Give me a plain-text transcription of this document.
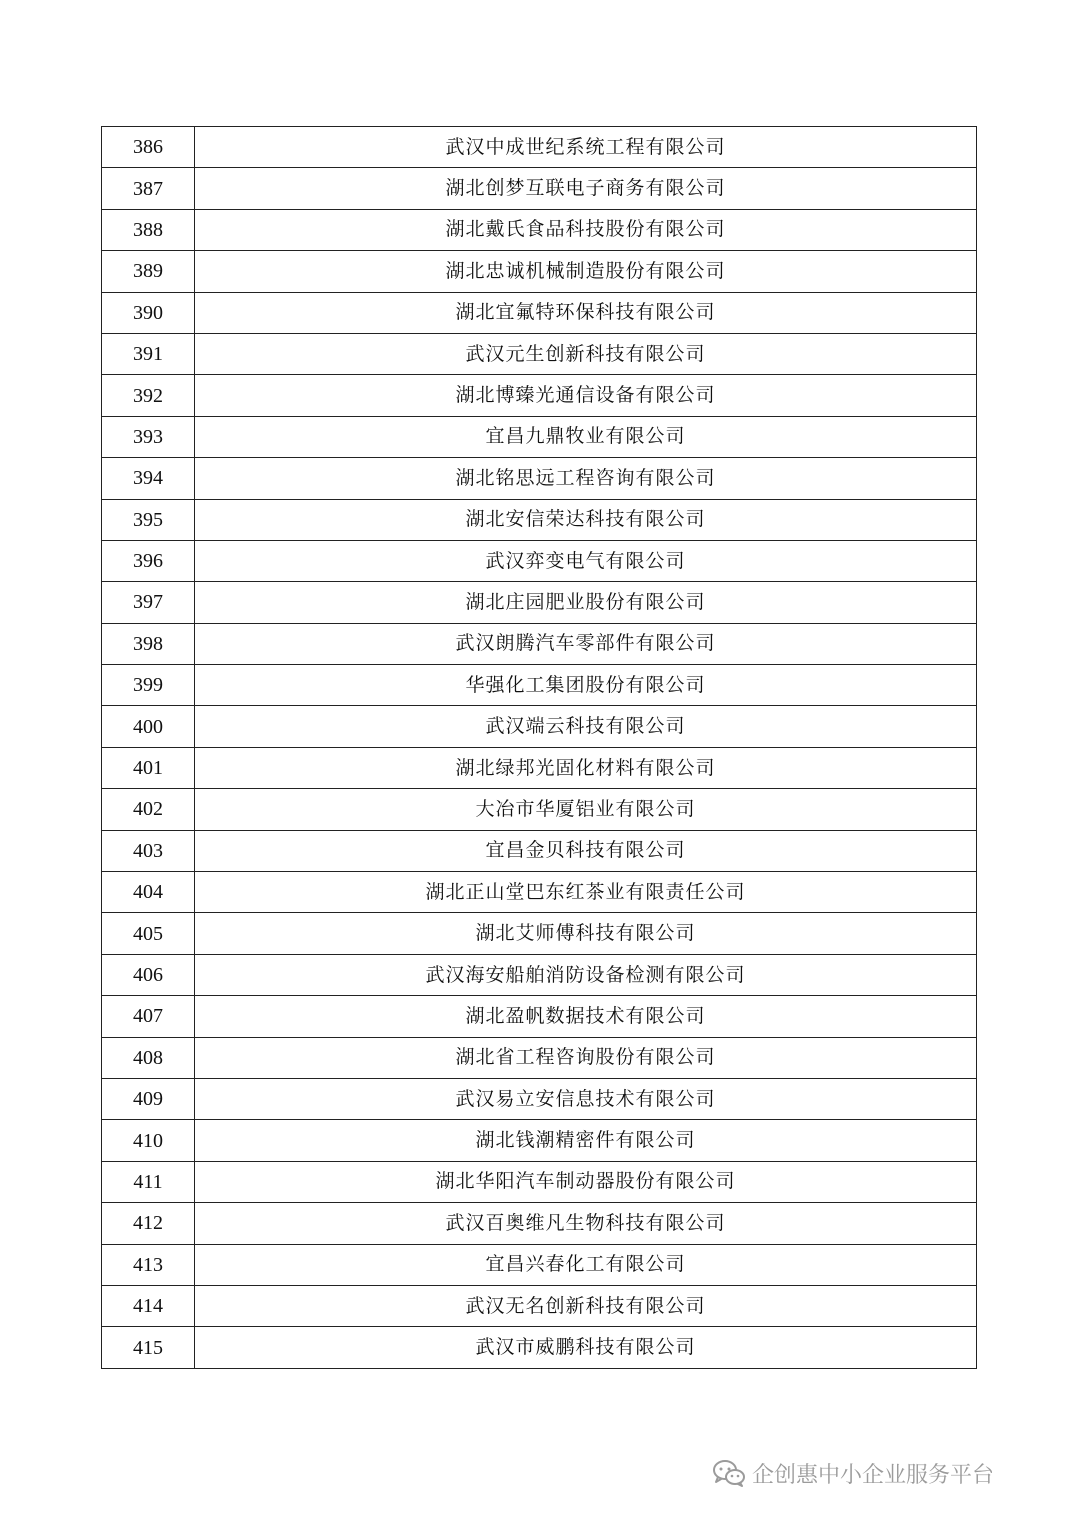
386	武汉中成世纪系统工程有限公司
387	湖北创梦互联电子商务有限公司
388	湖北戴氏食品科技股份有限公司
389	湖北忠诚机械制造股份有限公司
390	湖北宜氟特环保科技有限公司
391	武汉元生创新科技有限公司
392	湖北博臻光通信设备有限公司
393	宜昌九鼎牧业有限公司
394	湖北铭思远工程咨询有限公司
395	湖北安信荣达科技有限公司
396	武汉弈变电气有限公司
397	湖北庄园肥业股份有限公司
398	武汉朗腾汽车零部件有限公司
399	华强化工集团股份有限公司
400	武汉端云科技有限公司
401	湖北绿邦光固化材料有限公司
402	大冶市华厦铝业有限公司
403	宜昌金贝科技有限公司
404	湖北正山堂巴东红茶业有限责任公司
405	湖北艾师傅科技有限公司
406	武汉海安船舶消防设备检测有限公司
407	湖北盈帆数据技术有限公司
408	湖北省工程咨询股份有限公司
409	武汉易立安信息技术有限公司
410	湖北钱潮精密件有限公司
411	湖北华阳汽车制动器股份有限公司
412	武汉百奥维凡生物科技有限公司
413	宜昌兴春化工有限公司
414	武汉无名创新科技有限公司
415	武汉市威鹏科技有限公司
企创惠中小企业服务平台
